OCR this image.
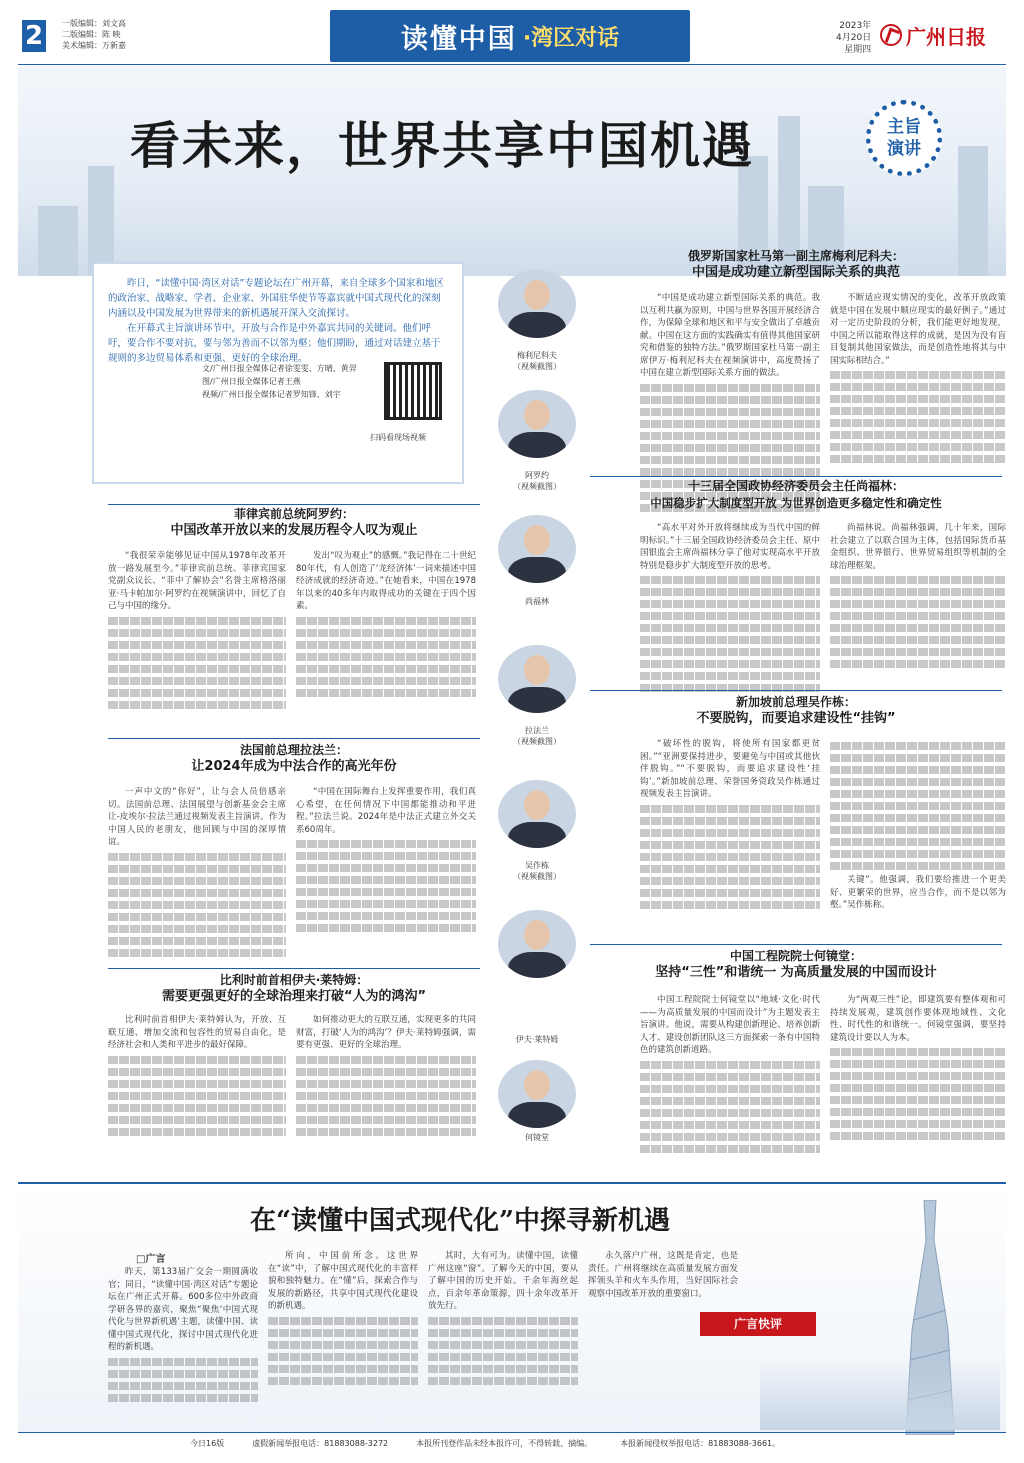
2	一版编辑：刘文高
二版编辑：陈 映
美术编辑：万新嘉	读懂中国 ·湾区对话	2023年
4月20日
星期四
广州日报
看未来，世界共享中国机遇	主旨
演讲

昨日，“读懂中国·湾区对话”专题论坛在广州开幕，来自全球多个国家和地区的政治家、战略家、学者、企业家、外国驻华使节等嘉宾就中国式现代化的深刻内涵以及中国发展为世界带来的新机遇展开深入交流探讨。

在开幕式主旨演讲环节中，开放与合作是中外嘉宾共同的关键词。他们呼吁，要合作不要对抗，要与邻为善而不以邻为壑；他们期盼，通过对话建立基于规则的多边贸易体系和更强、更好的全球治理。

文/广州日报全媒体记者徐雯雯、方晴、黄羿
图/广州日报全媒体记者王燕
视频/广州日报全媒体记者罗知锋、刘宇
扫码看现场视频
梅利尼科夫
（视频截图）
阿罗约
（视频截图）
尚福林
拉法兰
（视频截图）
吴作栋
（视频截图）
伊夫·莱特姆
何镜堂
俄罗斯国家杜马第一副主席梅利尼科夫：
中国是成功建立新型国际关系的典范

“中国是成功建立新型国际关系的典范。我以互利共赢为原则，中国与世界各国开展经济合作，为保障全球和地区和平与安全做出了卓越贡献。中国在这方面的实践确实有值得其他国家研究和借鉴的独特方法。”俄罗斯国家杜马第一副主席伊万·梅利尼科夫在视频演讲中，高度赞扬了中国在建立新型国际关系方面的做法。

不断适应现实情况的变化，改革开放政策就是中国在发展中顺应现实的最好例子。”通过对一定历史阶段的分析，我们能更好地发现，中国之所以能取得这样的成就，是因为没有盲目复制其他国家做法，而是创造性地将其与中国实际相结合。”

菲律宾前总统阿罗约：
中国改革开放以来的发展历程令人叹为观止

“我很荣幸能够见证中国从1978年改革开放一路发展至今。”菲律宾前总统、菲律宾国家党副众议长、“菲中了解协会”名誉主席格洛丽亚·马卡帕加尔·阿罗约在视频演讲中，回忆了自己与中国的缘分。

发出“叹为观止”的感慨。”我记得在二十世纪80年代，有人创造了‘龙经济体’一词来描述中国经济成就的经济奇迹。”在她看来，中国在1978年以来的40多年内取得成功的关键在于四个因素。

十三届全国政协经济委员会主任尚福林：
中国稳步扩大制度型开放 为世界创造更多稳定性和确定性

“高水平对外开放将继续成为当代中国的鲜明标识。”十三届全国政协经济委员会主任、原中国银监会主席尚福林分享了他对实现高水平开放特别是稳步扩大制度型开放的思考。

尚福林说。尚福林强调，几十年来，国际社会建立了以联合国为主体，包括国际货币基金组织、世界银行、世界贸易组织等机制的全球治理框架。

法国前总理拉法兰：
让2024年成为中法合作的高光年份

一声中文的“你好”，让与会人员倍感亲切。法国前总理、法国展望与创新基金会主席让-皮埃尔·拉法兰通过视频发表主旨演讲。作为中国人民的老朋友，他回顾与中国的深厚情谊。

“中国在国际舞台上发挥重要作用，我们真心希望，在任何情况下中国都能推动和平进程。”拉法兰说。2024年是中法正式建立外交关系60周年。

新加坡前总理吴作栋：
不要脱钩，而要追求建设性“挂钩”

“破坏性的脱钩，将使所有国家都更贫困。”“亚洲要保持进步，要避免与中国或其他伙伴脱钩。”“不要脱钩，而要追求建设性‘挂钩’。”新加坡前总理、荣誉国务资政吴作栋通过视频发表主旨演讲。

关键”。他强调，我们要给推进一个更美好、更繁荣的世界，应当合作，而不是以邻为壑。”吴作栋称。

比利时前首相伊夫·莱特姆：
需要更强更好的全球治理来打破“人为的鸿沟”

比利时前首相伊夫·莱特姆认为，开放、互联互通、增加交流和包容性的贸易自由化，是经济社会和人类和平进步的最好保障。

如何推动更大的互联互通，实现更多的共同财富，打破‘人为的鸿沟’？伊夫·莱特姆强调，需要有更强、更好的全球治理。

中国工程院院士何镜堂：
坚持“三性”和谐统一 为高质量发展的中国而设计

中国工程院院士何镜堂以“地域·文化·时代——为高质量发展的中国而设计”为主题发表主旨演讲。他说，需要从构建创新理论、培养创新人才、建设创新团队这三方面探索一条有中国特色的建筑创新道路。

为“两观三性”论，即建筑要有整体观和可持续发展观，建筑创作要体现地域性、文化性、时代性的和谐统一。何镜堂强调，要坚持建筑设计要以人为本。

在“读懂中国式现代化”中探寻新机遇
□广言

昨天，第133届广交会一期圆满收官；同日，“读懂中国·湾区对话”专题论坛在广州正式开幕。600多位中外政商学研各界的嘉宾，聚焦“聚焦‘中国式现代化与世界新机遇’主题，读懂中国、读懂中国式现代化，探讨中国式现代化进程的新机遇。

所向，中国前所念。这世界在“读”中，了解中国式现代化的丰富样貌和独特魅力。在“懂”后，探索合作与发展的新路径，共享中国式现代化建设的新机遇。

其时，大有可为。读懂中国，读懂广州这座“窗”。了解今天的中国，要从了解中国的历史开始。千余年海丝起点，百余年革命策源，四十余年改革开放先行。

永久落户广州，这既是肯定，也是责任。广州将继续在高质量发展方面发挥领头羊和火车头作用，当好国际社会观察中国改革开放的重要窗口。

广言快评
今日16版	虚假新闻举报电话：81883088-3272	本报所刊登作品未经本报许可，不得转载、摘编。	本报新闻侵权举报电话：81883088-3661。
